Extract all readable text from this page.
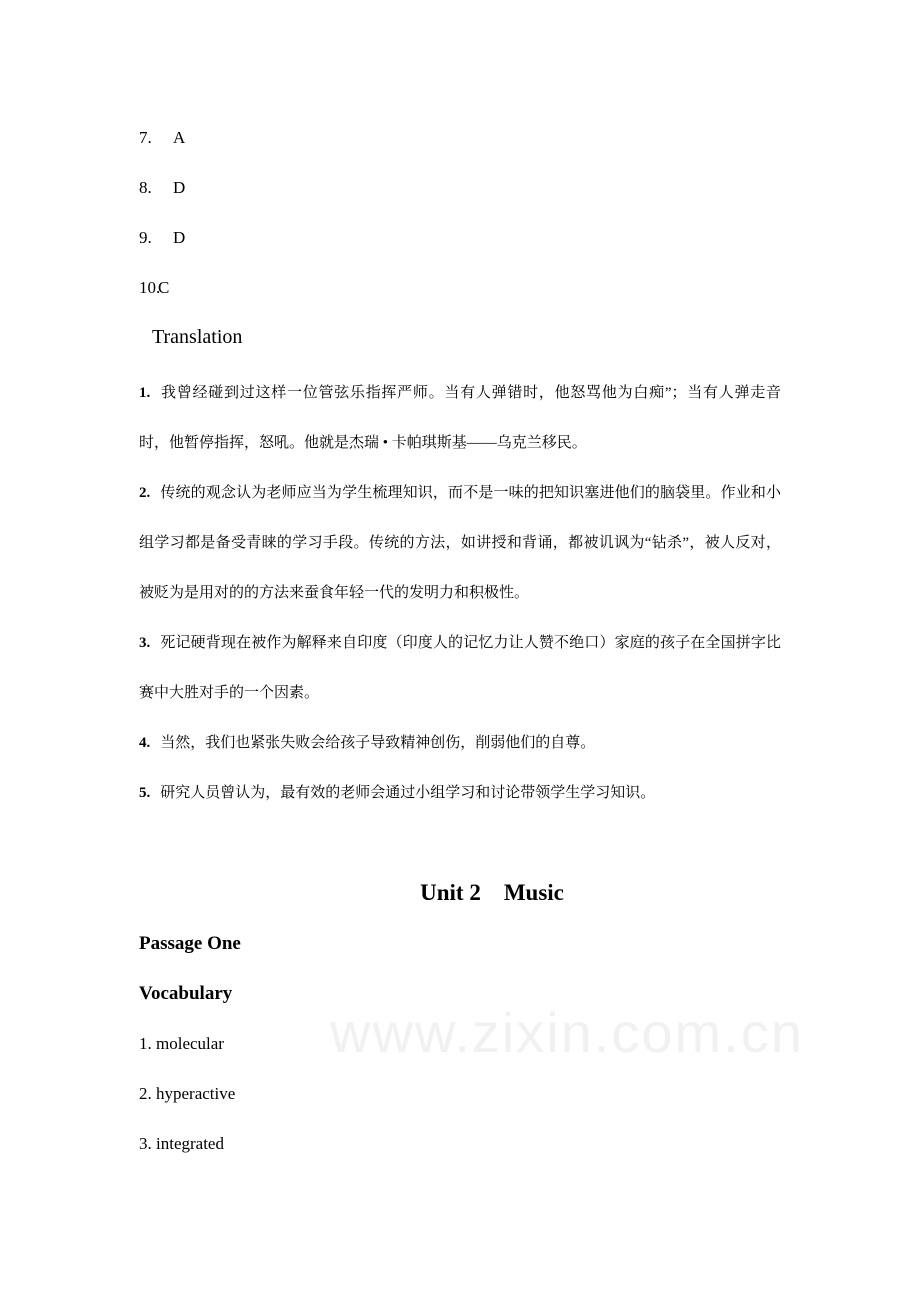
7. A
8. D
9. D
10.C
Translation
1. 我曾经碰到过这样一位管弦乐指挥严师。当有人弹错时，他怒骂他为白痴”；当有人弹走音时，他暂停指挥，怒吼。他就是杰瑞 • 卡帕琪斯基——乌克兰移民。
2. 传统的观念认为老师应当为学生梳理知识，而不是一味的把知识塞进他们的脑袋里。作业和小组学习都是备受青睐的学习手段。传统的方法，如讲授和背诵，都被讥讽为“钻杀”，被人反对，被贬为是用对的的方法来蚕食年轻一代的发明力和积极性。
3. 死记硬背现在被作为解释来自印度（印度人的记忆力让人赞不绝口）家庭的孩子在全国拼字比赛中大胜对手的一个因素。
4. 当然，我们也紧张失败会给孩子导致精神创伤，削弱他们的自尊。
5. 研究人员曾认为，最有效的老师会通过小组学习和讨论带领学生学习知识。
Unit 2    Music
Passage One
Vocabulary
1. molecular
2. hyperactive
3. integrated
www.zixin.com.cn
